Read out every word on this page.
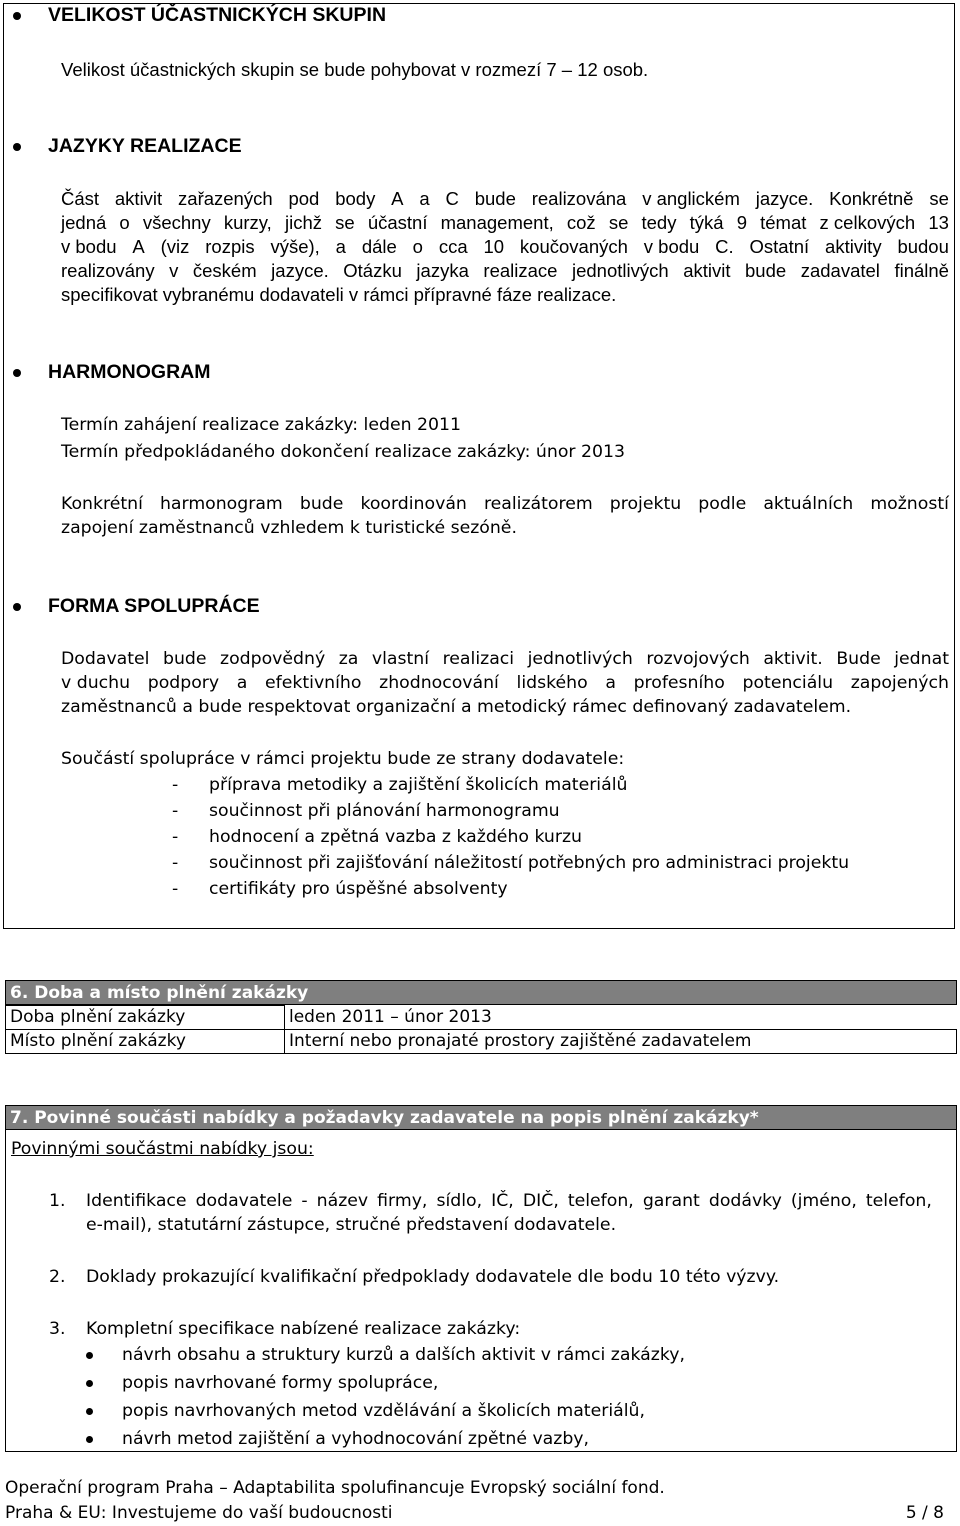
VELIKOST ÚČASTNICKÝCH SKUPIN
Velikost účastnických skupin se bude pohybovat v rozmezí 7 – 12 osob.
JAZYKY REALIZACE
Část aktivit zařazených pod body A a C bude realizována v anglickém jazyce. Konkrétně se
jedná o všechny kurzy, jichž se účastní management, což se tedy týká 9 témat z celkových 13
v bodu A (viz rozpis výše), a dále o cca 10 koučovaných v bodu C. Ostatní aktivity budou
realizovány v českém jazyce. Otázku jazyka realizace jednotlivých aktivit bude zadavatel finálně
specifikovat vybranému dodavateli v rámci přípravné fáze realizace.
HARMONOGRAM
Termín zahájení realizace zakázky: leden 2011
Termín předpokládaného dokončení realizace zakázky: únor 2013
Konkrétní harmonogram bude koordinován realizátorem projektu podle aktuálních možností
zapojení zaměstnanců vzhledem k turistické sezóně.
FORMA SPOLUPRÁCE
Dodavatel bude zodpovědný za vlastní realizaci jednotlivých rozvojových aktivit. Bude jednat
v duchu podpory a efektivního zhodnocování lidského a profesního potenciálu zapojených
zaměstnanců a bude respektovat organizační a metodický rámec definovaný zadavatelem.
Součástí spolupráce v rámci projektu bude ze strany dodavatele:
- příprava metodiky a zajištění školicích materiálů
- součinnost při plánování harmonogramu
- hodnocení a zpětná vazba z každého kurzu
- součinnost při zajišťování náležitostí potřebných pro administraci projektu
- certifikáty pro úspěšné absolventy
6. Doba a místo plnění zakázky
Doba plnění zakázky	leden 2011 – únor 2013
Místo plnění zakázky	Interní nebo pronajaté prostory zajištěné zadavatelem
7. Povinné součásti nabídky a požadavky zadavatele na popis plnění zakázky*
Povinnými součástmi nabídky jsou:
1. Identifikace dodavatele - název firmy, sídlo, IČ, DIČ, telefon, garant dodávky (jméno, telefon,
e-mail), statutární zástupce, stručné představení dodavatele.
2. Doklady prokazující kvalifikační předpoklady dodavatele dle bodu 10 této výzvy.
3. Kompletní specifikace nabízené realizace zakázky:
návrh obsahu a struktury kurzů a dalších aktivit v rámci zakázky,
popis navrhované formy spolupráce,
popis navrhovaných metod vzdělávání a školicích materiálů,
návrh metod zajištění a vyhodnocování zpětné vazby,
Operační program Praha – Adaptabilita spolufinancuje Evropský sociální fond.
Praha & EU: Investujeme do vaší budoucnosti	5 / 8
